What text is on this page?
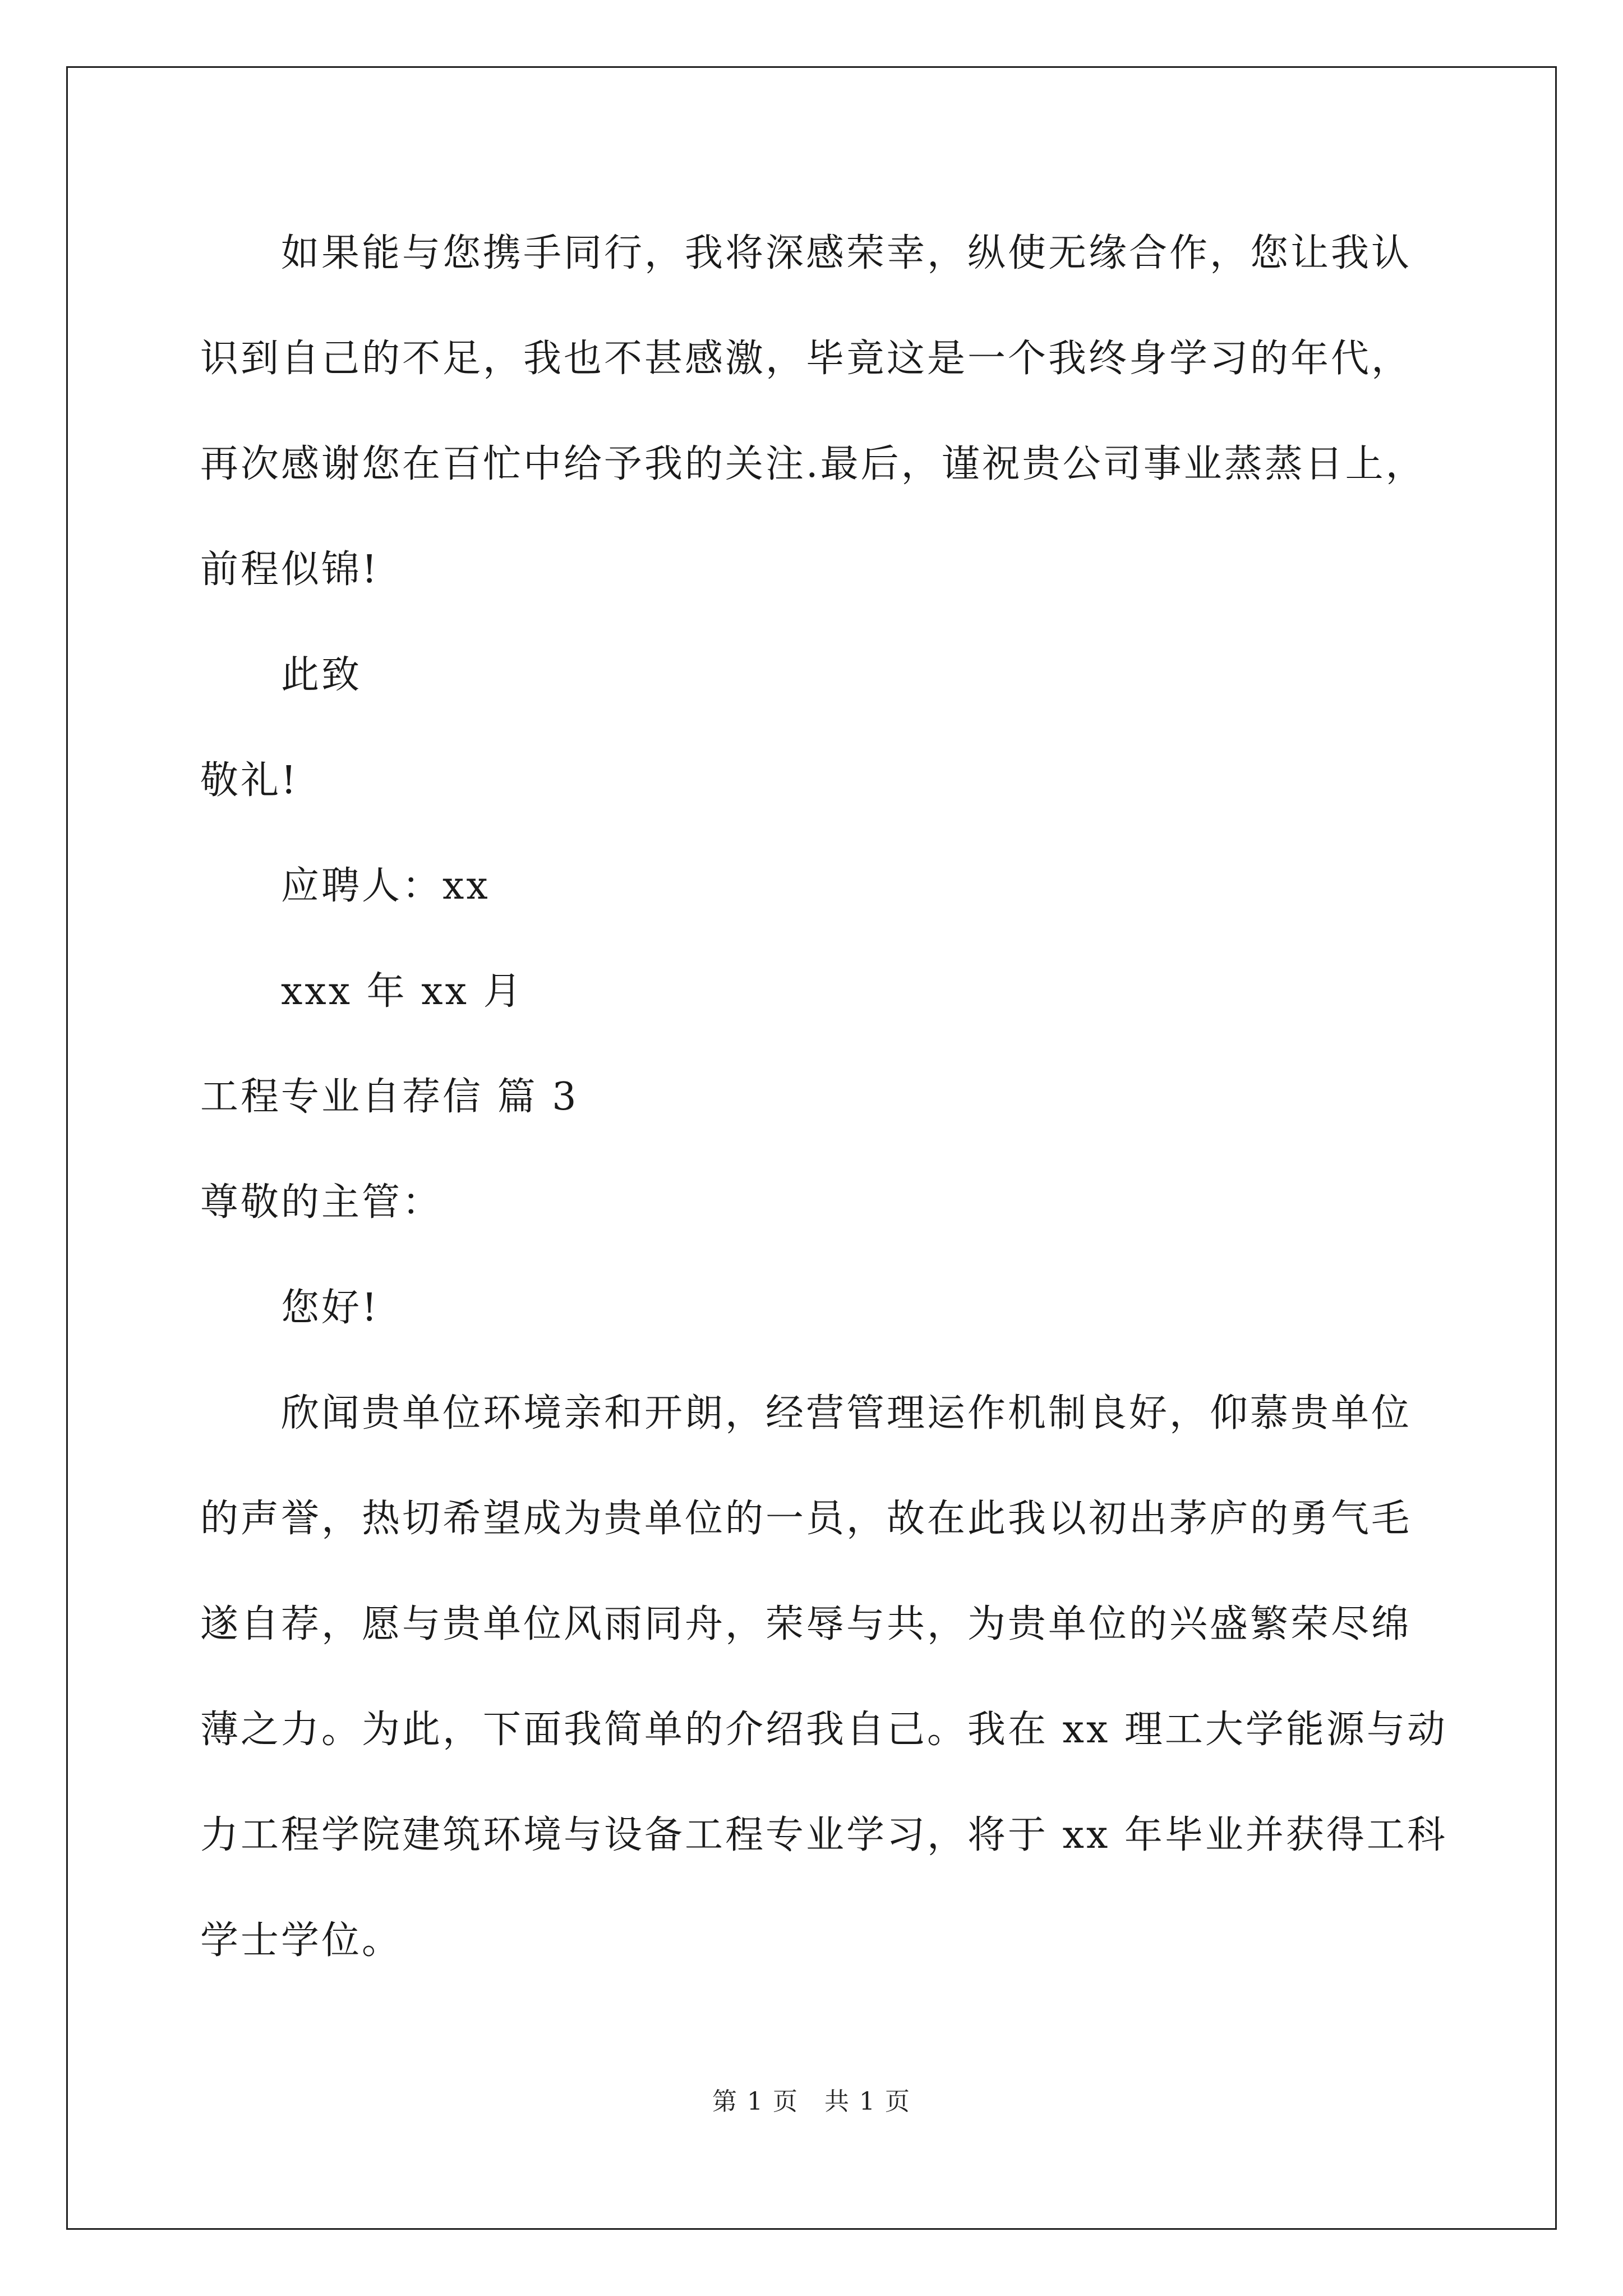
如果能与您携手同行，我将深感荣幸，纵使无缘合作，您让我认
识到自己的不足，我也不甚感激，毕竟这是一个我终身学习的年代，
再次感谢您在百忙中给予我的关注.最后，谨祝贵公司事业蒸蒸日上，
前程似锦!
此致
敬礼!
应聘人：xx
xxx 年 xx 月
工程专业自荐信 篇 3
尊敬的主管：
您好!
欣闻贵单位环境亲和开朗，经营管理运作机制良好，仰慕贵单位
的声誉，热切希望成为贵单位的一员，故在此我以初出茅庐的勇气毛
遂自荐，愿与贵单位风雨同舟，荣辱与共，为贵单位的兴盛繁荣尽绵
薄之力。为此，下面我简单的介绍我自己。我在 xx 理工大学能源与动
力工程学院建筑环境与设备工程专业学习，将于 xx 年毕业并获得工科
学士学位。
第 1 页　共 1 页
